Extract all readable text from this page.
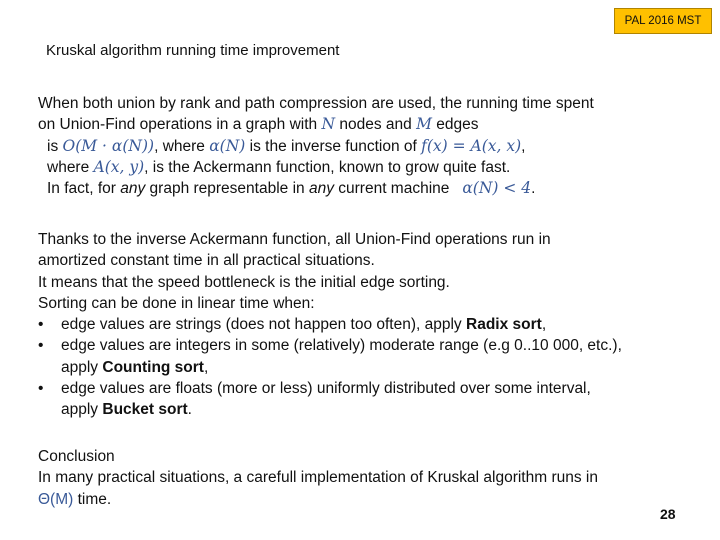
PAL 2016 MST
Kruskal algorithm running time improvement
When both union by rank and path compression are used, the running time spent
on Union-Find operations in a graph with N nodes and M edges
is O(M · α(N)), where α(N) is the inverse function of f(x) = A(x, x),
where A(x, y), is the Ackermann function, known to grow quite fast.
In fact, for any graph representable in any current machine α(N) < 4.
Thanks to the inverse Ackermann function, all Union-Find operations run in
amortized constant time in all practical situations.
It means that the speed bottleneck is the initial edge sorting.
Sorting can be done in linear time when:
•	edge values are strings (does not happen too often), apply Radix sort,
•	edge values are integers in some (relatively) moderate range (e.g 0..10 000, etc.),
apply Counting sort,
•	edge values are floats (more or less) uniformly distributed over some interval,
apply Bucket sort.
Conclusion
In many practical situations, a carefull implementation of Kruskal algorithm runs in
Θ(M) time.
28
